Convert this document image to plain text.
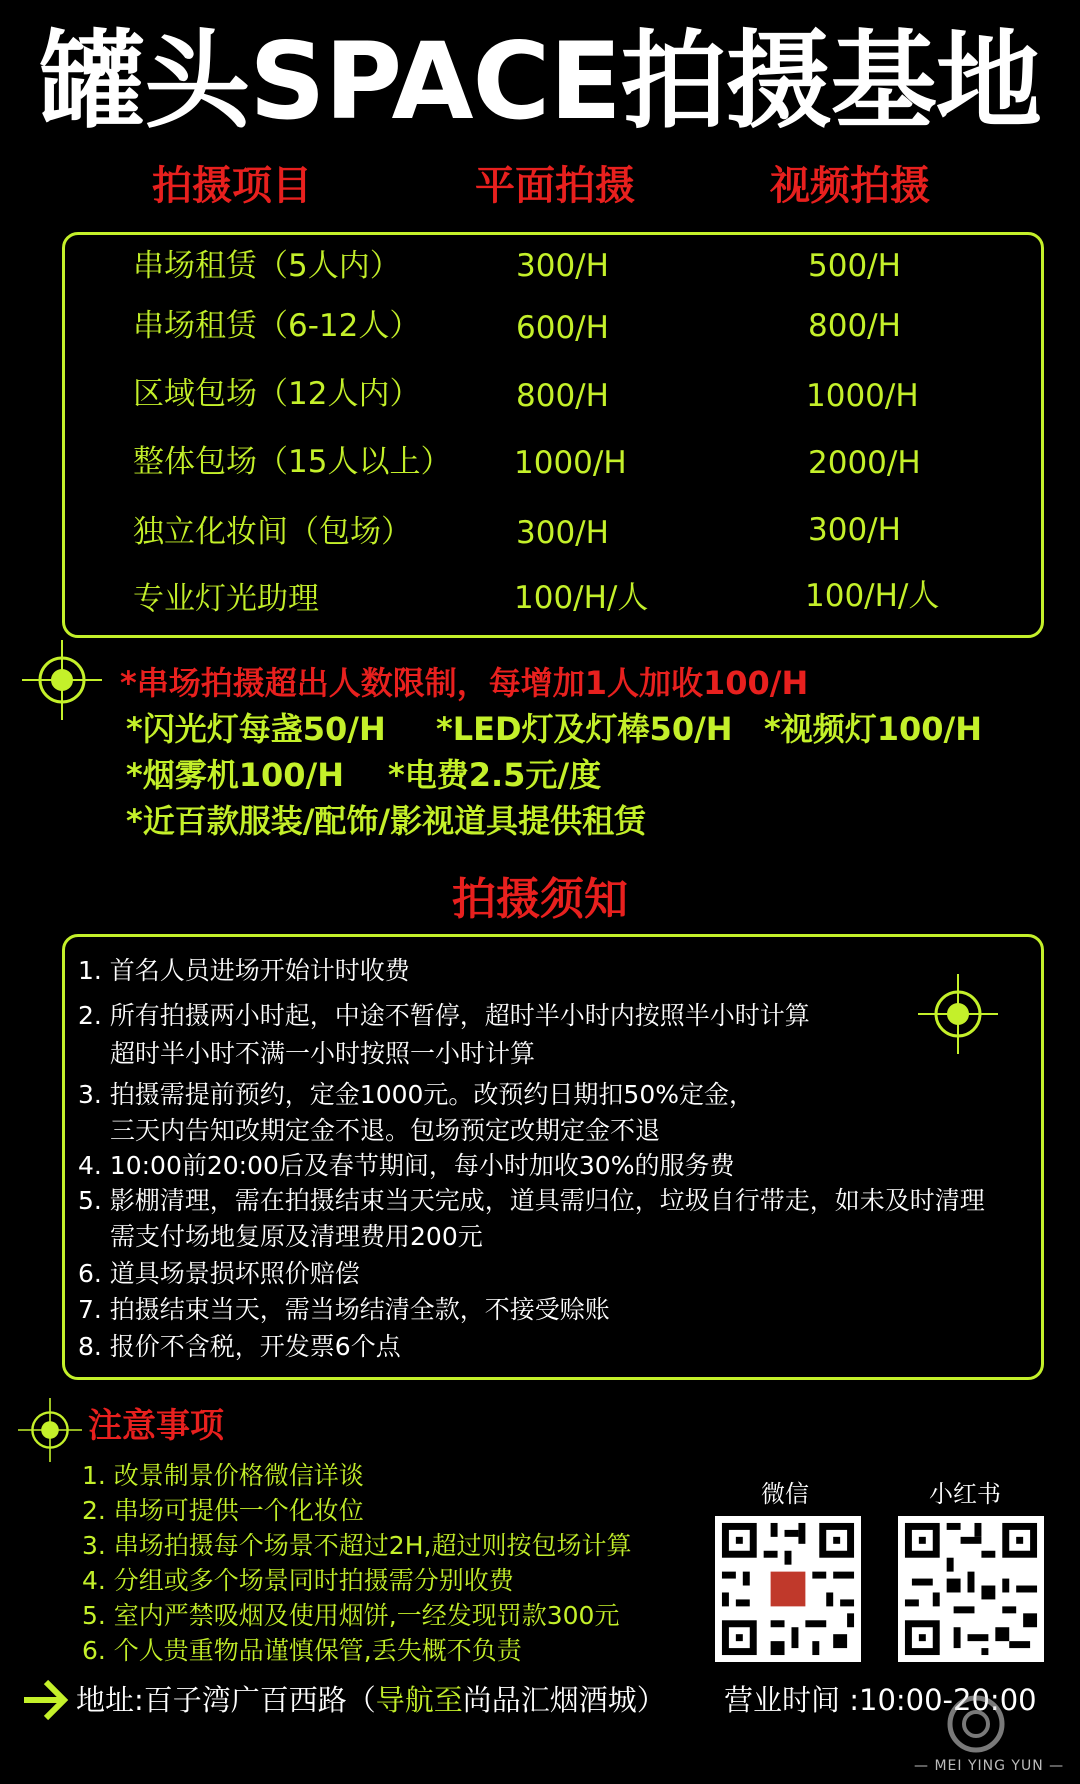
罐头SPACE拍摄基地
拍摄项目	平面拍摄	视频拍摄
串场租赁（5人内）	300/H	500/H
串场租赁（6-12人）	600/H	800/H
区域包场（12人内）	800/H	1000/H
整体包场（15人以上） 1000/H	2000/H
独立化妆间（包场）	300/H	300/H
专业灯光助理	100/H/人	100/H/人
*串场拍摄超出人数限制，每增加1人加收100/H
*闪光灯每盏50/H *LED灯及灯棒50/H *视频灯100/H
*烟雾机100/H *电费2.5元/度
*近百款服装/配饰/影视道具提供租赁
拍摄须知
1. 首名人员进场开始计时收费
2. 所有拍摄两小时起，中途不暂停，超时半小时内按照半小时计算
超时半小时不满一小时按照一小时计算
3. 拍摄需提前预约，定金1000元。改预约日期扣50%定金，
三天内告知改期定金不退。包场预定改期定金不退
4. 10:00前20:00后及春节期间，每小时加收30%的服务费
5. 影棚清理，需在拍摄结束当天完成，道具需归位，垃圾自行带走，如未及时清理
需支付场地复原及清理费用200元
6. 道具场景损坏照价赔偿
7. 拍摄结束当天，需当场结清全款，不接受赊账
8. 报价不含税，开发票6个点
注意事项
1. 改景制景价格微信详谈
2. 串场可提供一个化妆位
3. 串场拍摄每个场景不超过2H,超过则按包场计算
4. 分组或多个场景同时拍摄需分别收费
5. 室内严禁吸烟及使用烟饼,一经发现罚款300元
6. 个人贵重物品谨慎保管,丢失概不负责
微信	小红书
地址:百子湾广百西路（导航至尚品汇烟酒城） 营业时间 :10:00-20:00
— MEI YING YUN —
